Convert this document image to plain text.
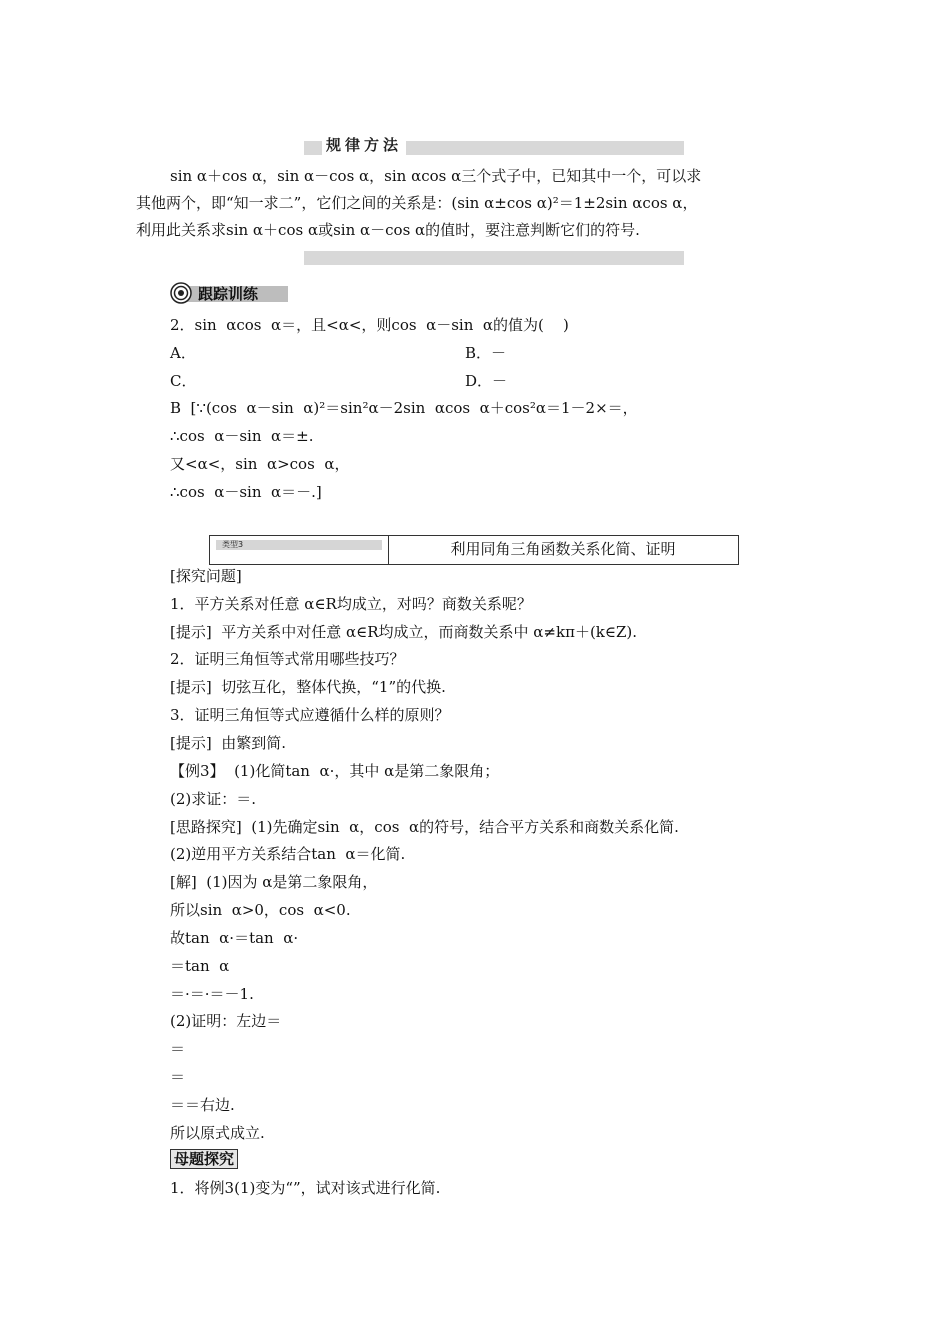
规律方法
sin α＋cos α，sin α－cos α，sin αcos α三个式子中，已知其中一个，可以求
其他两个，即“知一求二”，它们之间的关系是：(sin α±cos α)²＝1±2sin αcos α，
利用此关系求sin α＋cos α或sin α－cos α的值时，要注意判断它们的符号.
跟踪训练
2．sin  αcos  α＝，且<α<，则cos  α－sin  α的值为(    )
A．	B．－
C．	D．－
B  [∵(cos  α－sin  α)²＝sin²α－2sin  αcos  α＋cos²α＝1－2×＝，
∴cos  α－sin  α＝±.
又<α<，sin  α>cos  α，
∴cos  α－sin  α＝－.]
类型3	利用同角三角函数关系化简、证明
[探究问题]
1．平方关系对任意 α∈R均成立，对吗？商数关系呢？
[提示]  平方关系中对任意 α∈R均成立，而商数关系中 α≠kπ＋(k∈Z).
2．证明三角恒等式常用哪些技巧？
[提示]  切弦互化，整体代换，“1”的代换.
3．证明三角恒等式应遵循什么样的原则？
[提示]  由繁到简.
【例3】  (1)化简tan  α·，其中 α是第二象限角；
(2)求证：＝.
[思路探究]  (1)先确定sin  α，cos  α的符号，结合平方关系和商数关系化简.
(2)逆用平方关系结合tan  α＝化简.
[解]  (1)因为 α是第二象限角，
所以sin  α>0，cos  α<0.
故tan  α·＝tan  α·
＝tan  α
＝·＝·＝－1.
(2)证明：左边＝
＝
＝
＝＝右边.
所以原式成立.
母题探究
1．将例3(1)变为“”，试对该式进行化简.
